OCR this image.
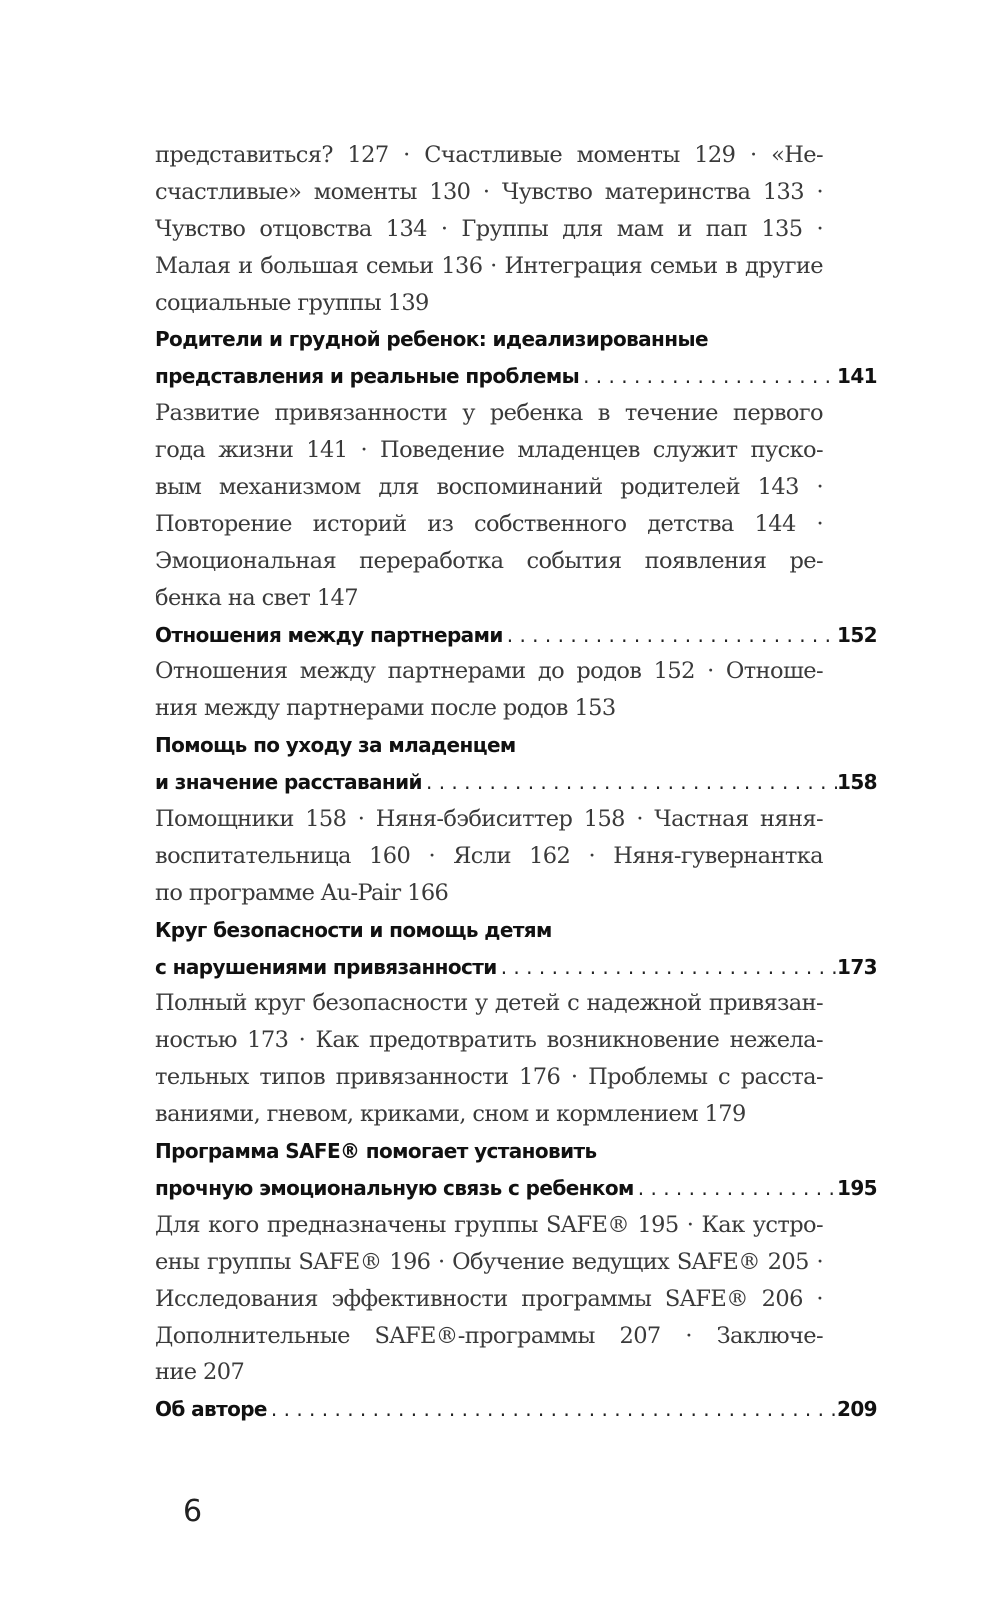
представиться? 127 · Счастливые моменты 129 · «Не-
счастливые» моменты 130 · Чувство материнства 133 ·
Чувство отцовства 134 · Группы для мам и пап 135 ·
Малая и большая семьи 136 · Интеграция семьи в другие
социальные группы 139
Родители и грудной ребенок: идеализированные
представления и реальные проблемы . . .	141
Развитие привязанности у ребенка в течение первого
года жизни 141 · Поведение младенцев служит пуско-
вым механизмом для воспоминаний родителей 143 ·
Повторение историй из собственного детства 144 ·
Эмоциональная переработка события появления ре-
бенка на свет 147
Отношения между партнерами . . .	152
Отношения между партнерами до родов 152 · Отноше-
ния между партнерами после родов 153
Помощь по уходу за младенцем
и значение расставаний . . .	158
Помощники 158 · Няня-бэбиситтер 158 · Частная няня-
воспитательница 160 · Ясли 162 · Няня-гувернантка
по программе Au-Pair 166
Круг безопасности и помощь детям
с нарушениями привязанности . . .	173
Полный круг безопасности у детей с надежной привязан-
ностью 173 · Как предотвратить возникновение нежела-
тельных типов привязанности 176 · Проблемы с расста-
ваниями, гневом, криками, сном и кормлением 179
Программа SAFE® помогает установить
прочную эмоциональную связь с ребенком . . .	195
Для кого предназначены группы SAFE® 195 · Как устро-
ены группы SAFE® 196 · Обучение ведущих SAFE® 205 ·
Исследования эффективности программы SAFE® 206 ·
Дополнительные SAFE®-программы 207 · Заключе-
ние 207
Об авторе . . .	209
6
